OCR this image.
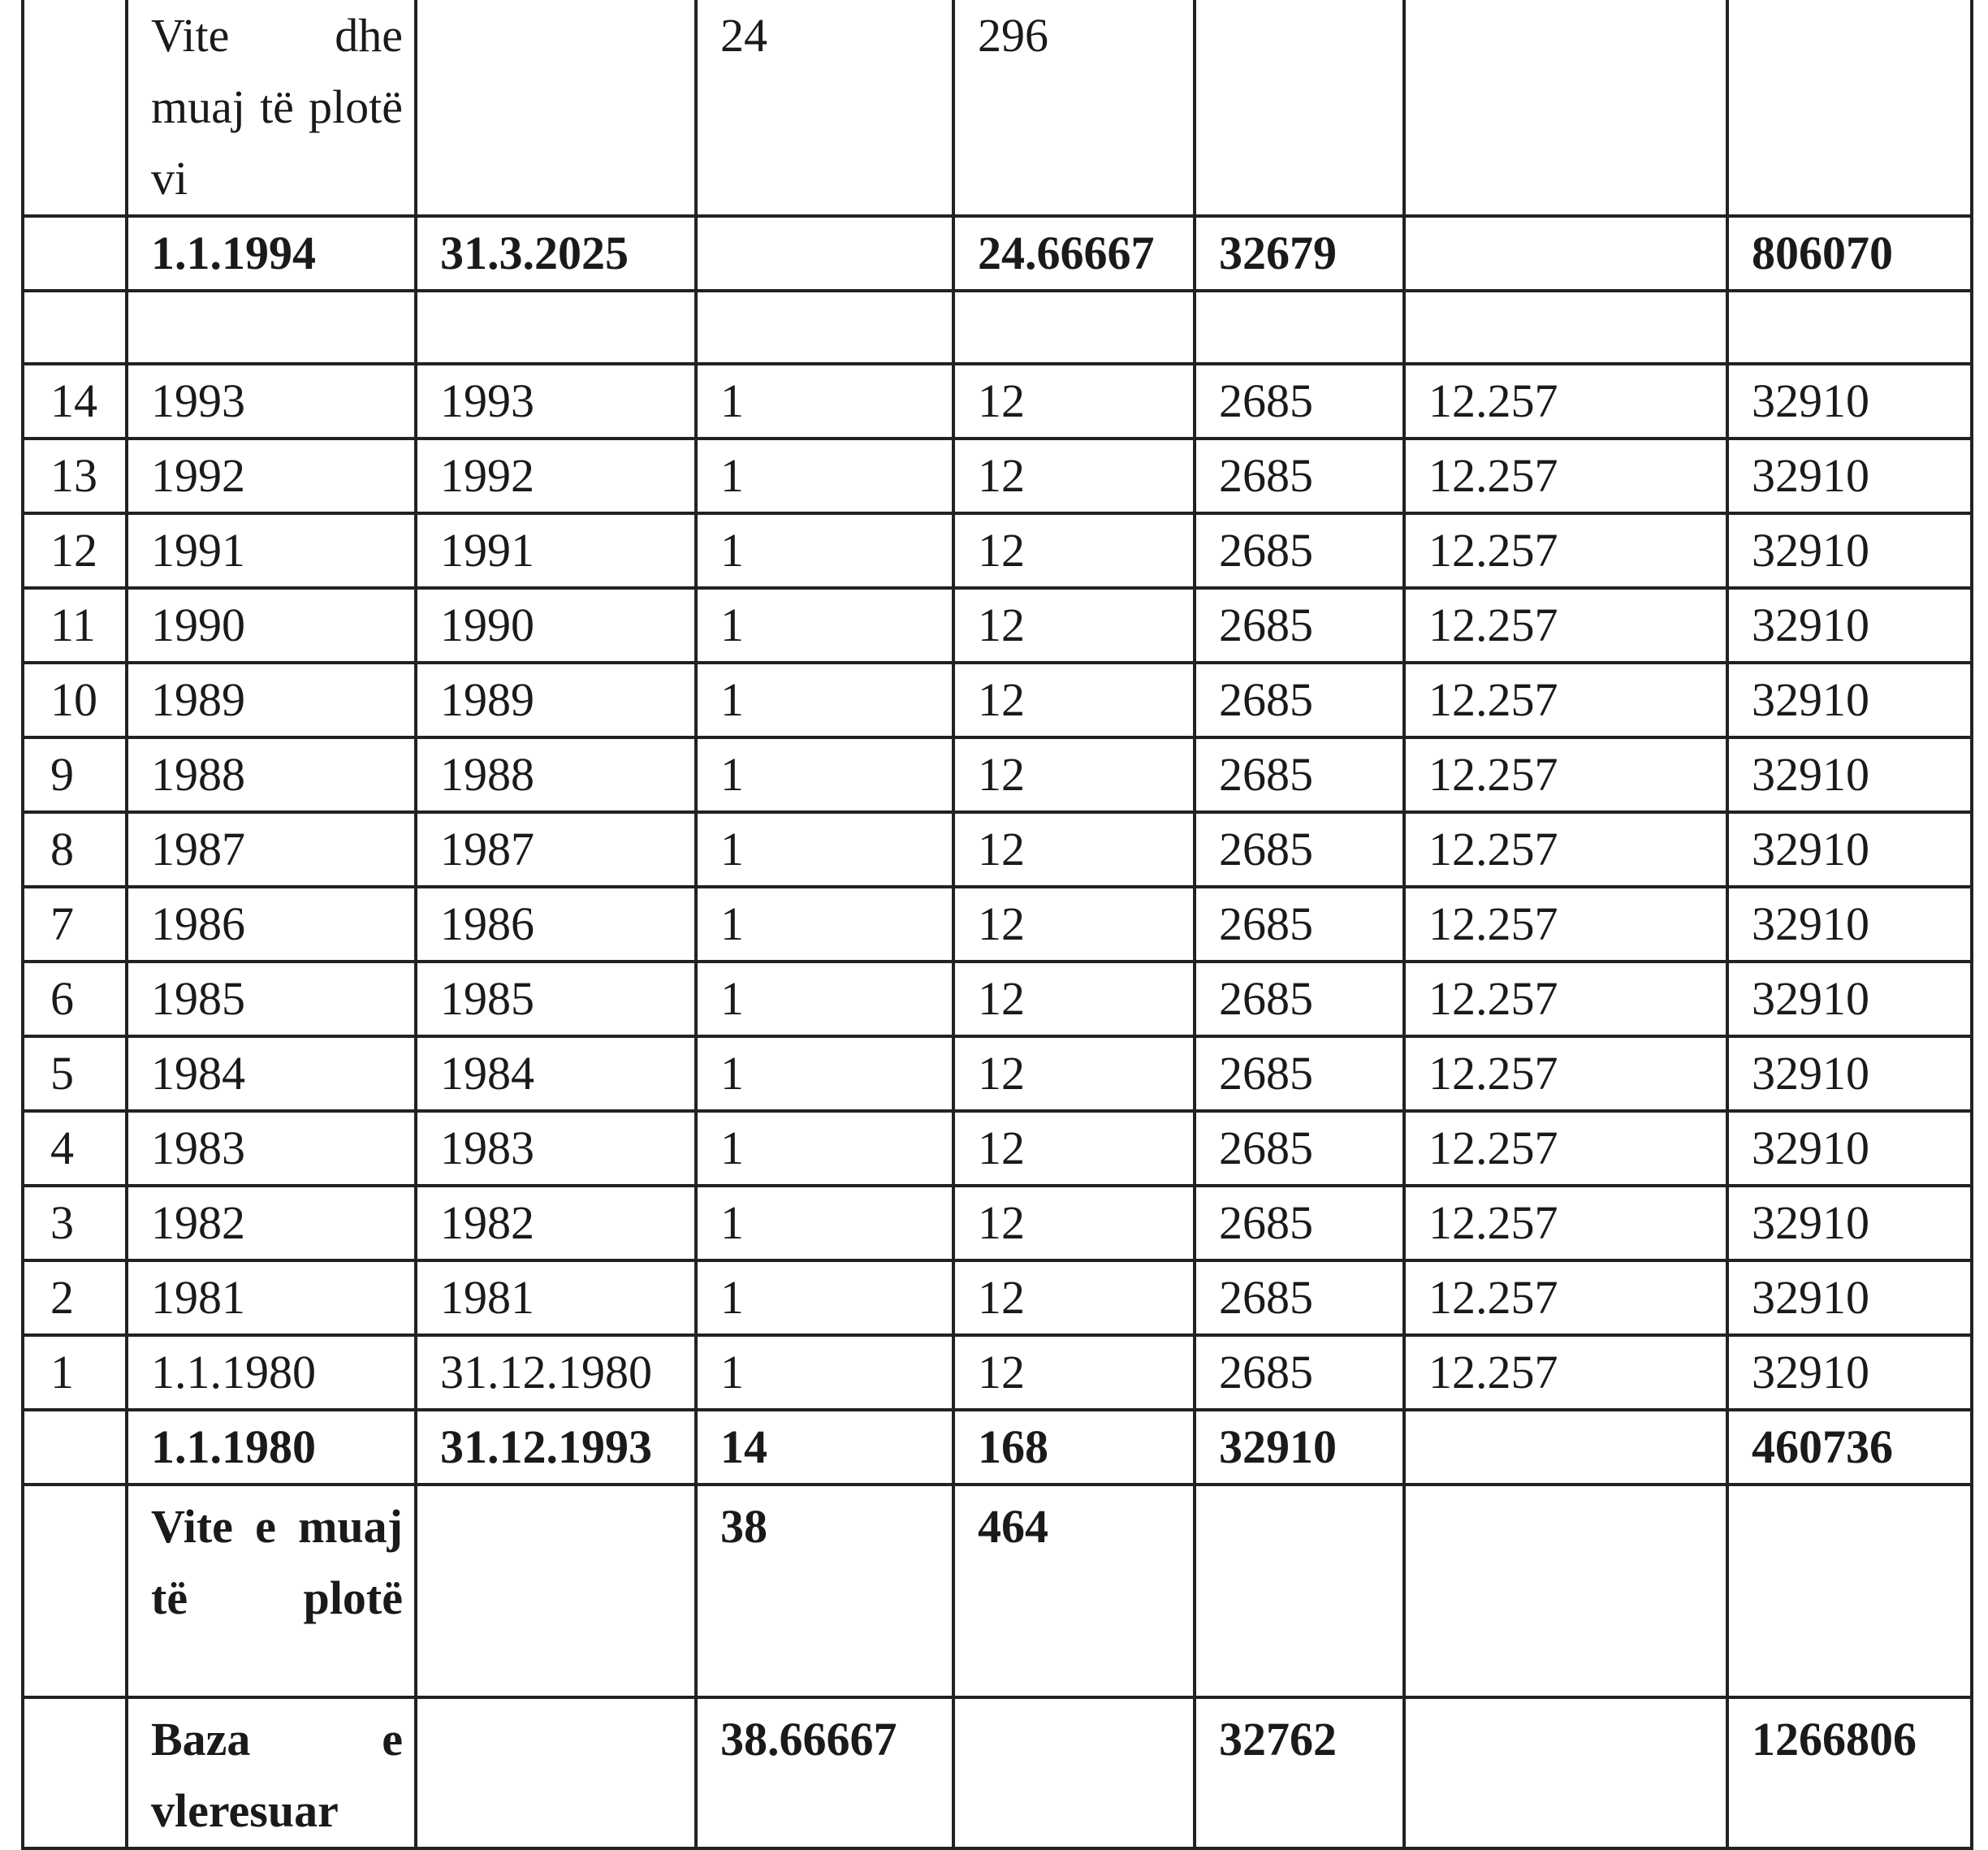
	Vite dhe muaj të plotë vi		24	296			
	1.1.1994	31.3.2025		24.66667	32679		806070

14	1993	1993	1	12	2685	12.257	32910
13	1992	1992	1	12	2685	12.257	32910
12	1991	1991	1	12	2685	12.257	32910
11	1990	1990	1	12	2685	12.257	32910
10	1989	1989	1	12	2685	12.257	32910
9	1988	1988	1	12	2685	12.257	32910
8	1987	1987	1	12	2685	12.257	32910
7	1986	1986	1	12	2685	12.257	32910
6	1985	1985	1	12	2685	12.257	32910
5	1984	1984	1	12	2685	12.257	32910
4	1983	1983	1	12	2685	12.257	32910
3	1982	1982	1	12	2685	12.257	32910
2	1981	1981	1	12	2685	12.257	32910
1	1.1.1980	31.12.1980	1	12	2685	12.257	32910
	1.1.1980	31.12.1993	14	168	32910		460736

	Vite e muaj të plotë		38	464			

	Baza e vleresuar		38.66667		32762		1266806
